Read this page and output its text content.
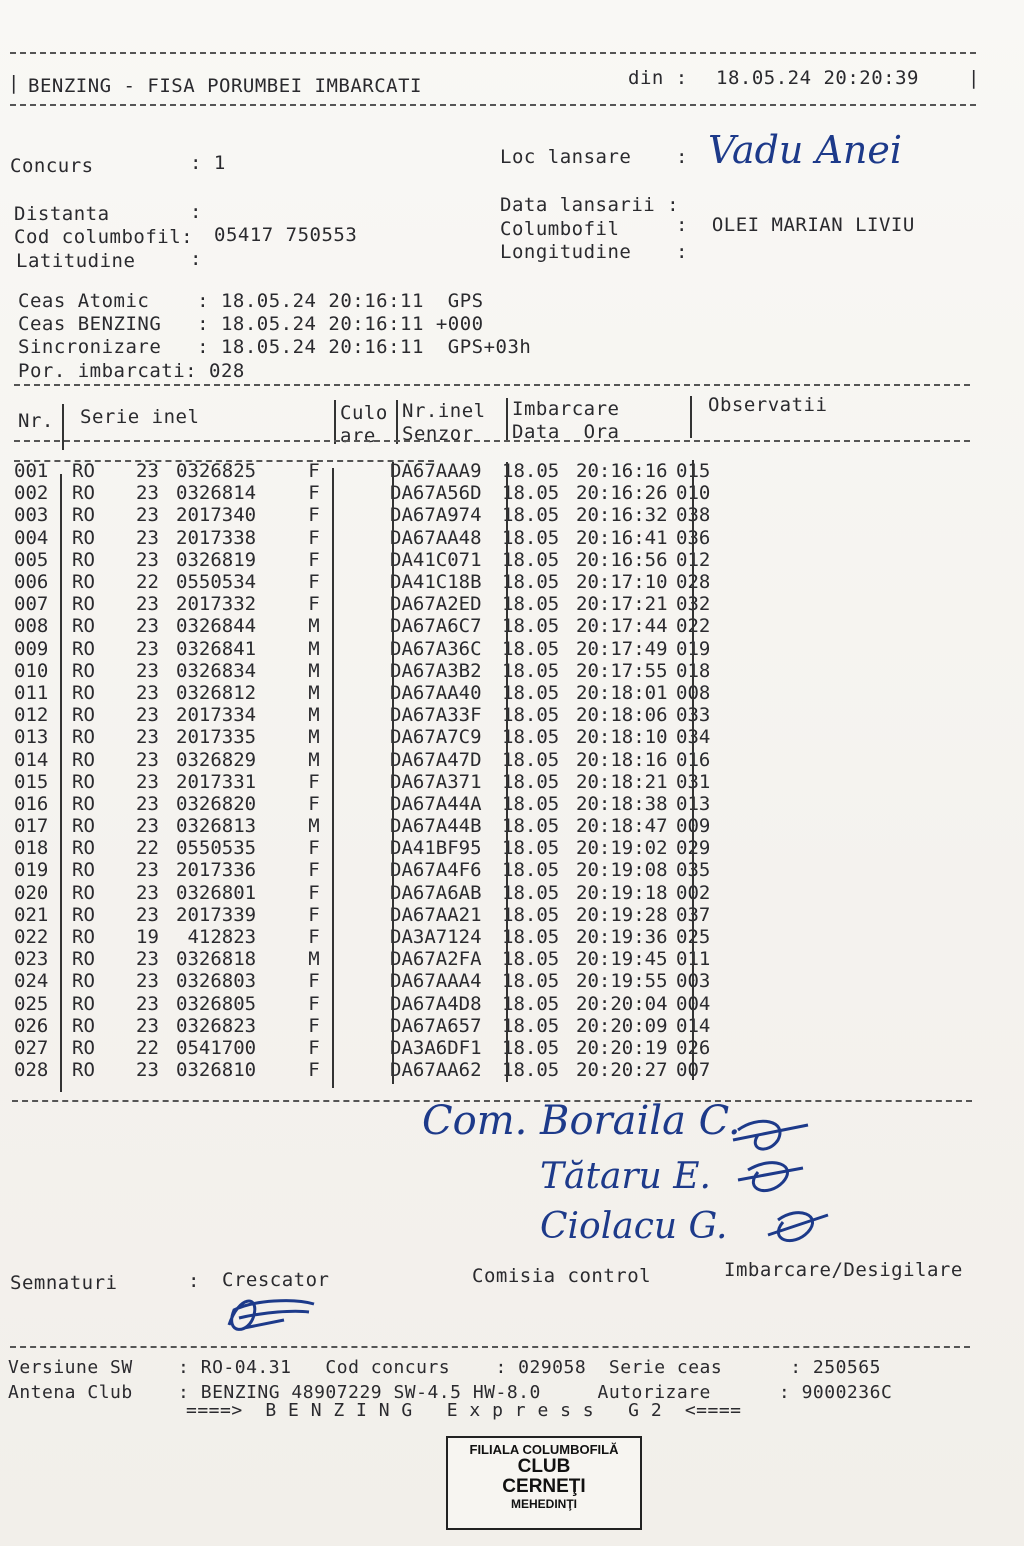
| BENZING - FISA PORUMBEI IMBARCATI	din : 18.05.24 20:20:39	|
Concurs	: 1	Loc lansare : Vadu Anei
Distanta	:	Data lansarii :
Cod columbofil: 05417 750553	Columbofil	:  OLEI MARIAN LIVIU
Latitudine	:	Longitudine :
Ceas Atomic    : 18.05.24 20:16:11  GPS
Ceas BENZING   : 18.05.24 20:16:11 +000
Sincronizare   : 18.05.24 20:16:11  GPS+03h
Por. imbarcati: 028
Nr. Serie inel	Culo
are
Nr.inel
Senzor
Imbarcare
Data  Ora
Observatii
001	RO	23	0326825	F		DA67AAA9	18.05	20:16:16	015
002	RO	23	0326814	F		DA67A56D	18.05	20:16:26	010
003	RO	23	2017340	F		DA67A974	18.05	20:16:32	038
004	RO	23	2017338	F		DA67AA48	18.05	20:16:41	036
005	RO	23	0326819	F		DA41C071	18.05	20:16:56	012
006	RO	22	0550534	F		DA41C18B	18.05	20:17:10	028
007	RO	23	2017332	F		DA67A2ED	18.05	20:17:21	032
008	RO	23	0326844	M		DA67A6C7	18.05	20:17:44	022
009	RO	23	0326841	M		DA67A36C	18.05	20:17:49	019
010	RO	23	0326834	M		DA67A3B2	18.05	20:17:55	018
011	RO	23	0326812	M		DA67AA40	18.05	20:18:01	008
012	RO	23	2017334	M		DA67A33F	18.05	20:18:06	033
013	RO	23	2017335	M		DA67A7C9	18.05	20:18:10	034
014	RO	23	0326829	M		DA67A47D	18.05	20:18:16	016
015	RO	23	2017331	F		DA67A371	18.05	20:18:21	031
016	RO	23	0326820	F		DA67A44A	18.05	20:18:38	013
017	RO	23	0326813	M		DA67A44B	18.05	20:18:47	009
018	RO	22	0550535	F		DA41BF95	18.05	20:19:02	029
019	RO	23	2017336	F		DA67A4F6	18.05	20:19:08	035
020	RO	23	0326801	F		DA67A6AB	18.05	20:19:18	002
021	RO	23	2017339	F		DA67AA21	18.05	20:19:28	037
022	RO	19	412823	F		DA3A7124	18.05	20:19:36	025
023	RO	23	0326818	M		DA67A2FA	18.05	20:19:45	011
024	RO	23	0326803	F		DA67AAA4	18.05	20:19:55	003
025	RO	23	0326805	F		DA67A4D8	18.05	20:20:04	004
026	RO	23	0326823	F		DA67A657	18.05	20:20:09	014
027	RO	22	0541700	F		DA3A6DF1	18.05	20:20:19	026
028	RO	23	0326810	F		DA67AA62	18.05	20:20:27	007
Com. Boraila C.
Tătaru E.
Ciolacu G.
Semnaturi	: Crescator	Comisia control	Imbarcare/Desigilare
Versiune SW    : RO-04.31   Cod concurs    : 029058  Serie ceas      : 250565
Antena Club    : BENZING 48907229 SW-4.5 HW-8.0     Autorizare      : 9000236C
====>  B E N Z I N G   E x p r e s s   G 2  <====
FILIALA COLUMBOFILĂ
CLUB
CERNEŢI
MEHEDINŢI
